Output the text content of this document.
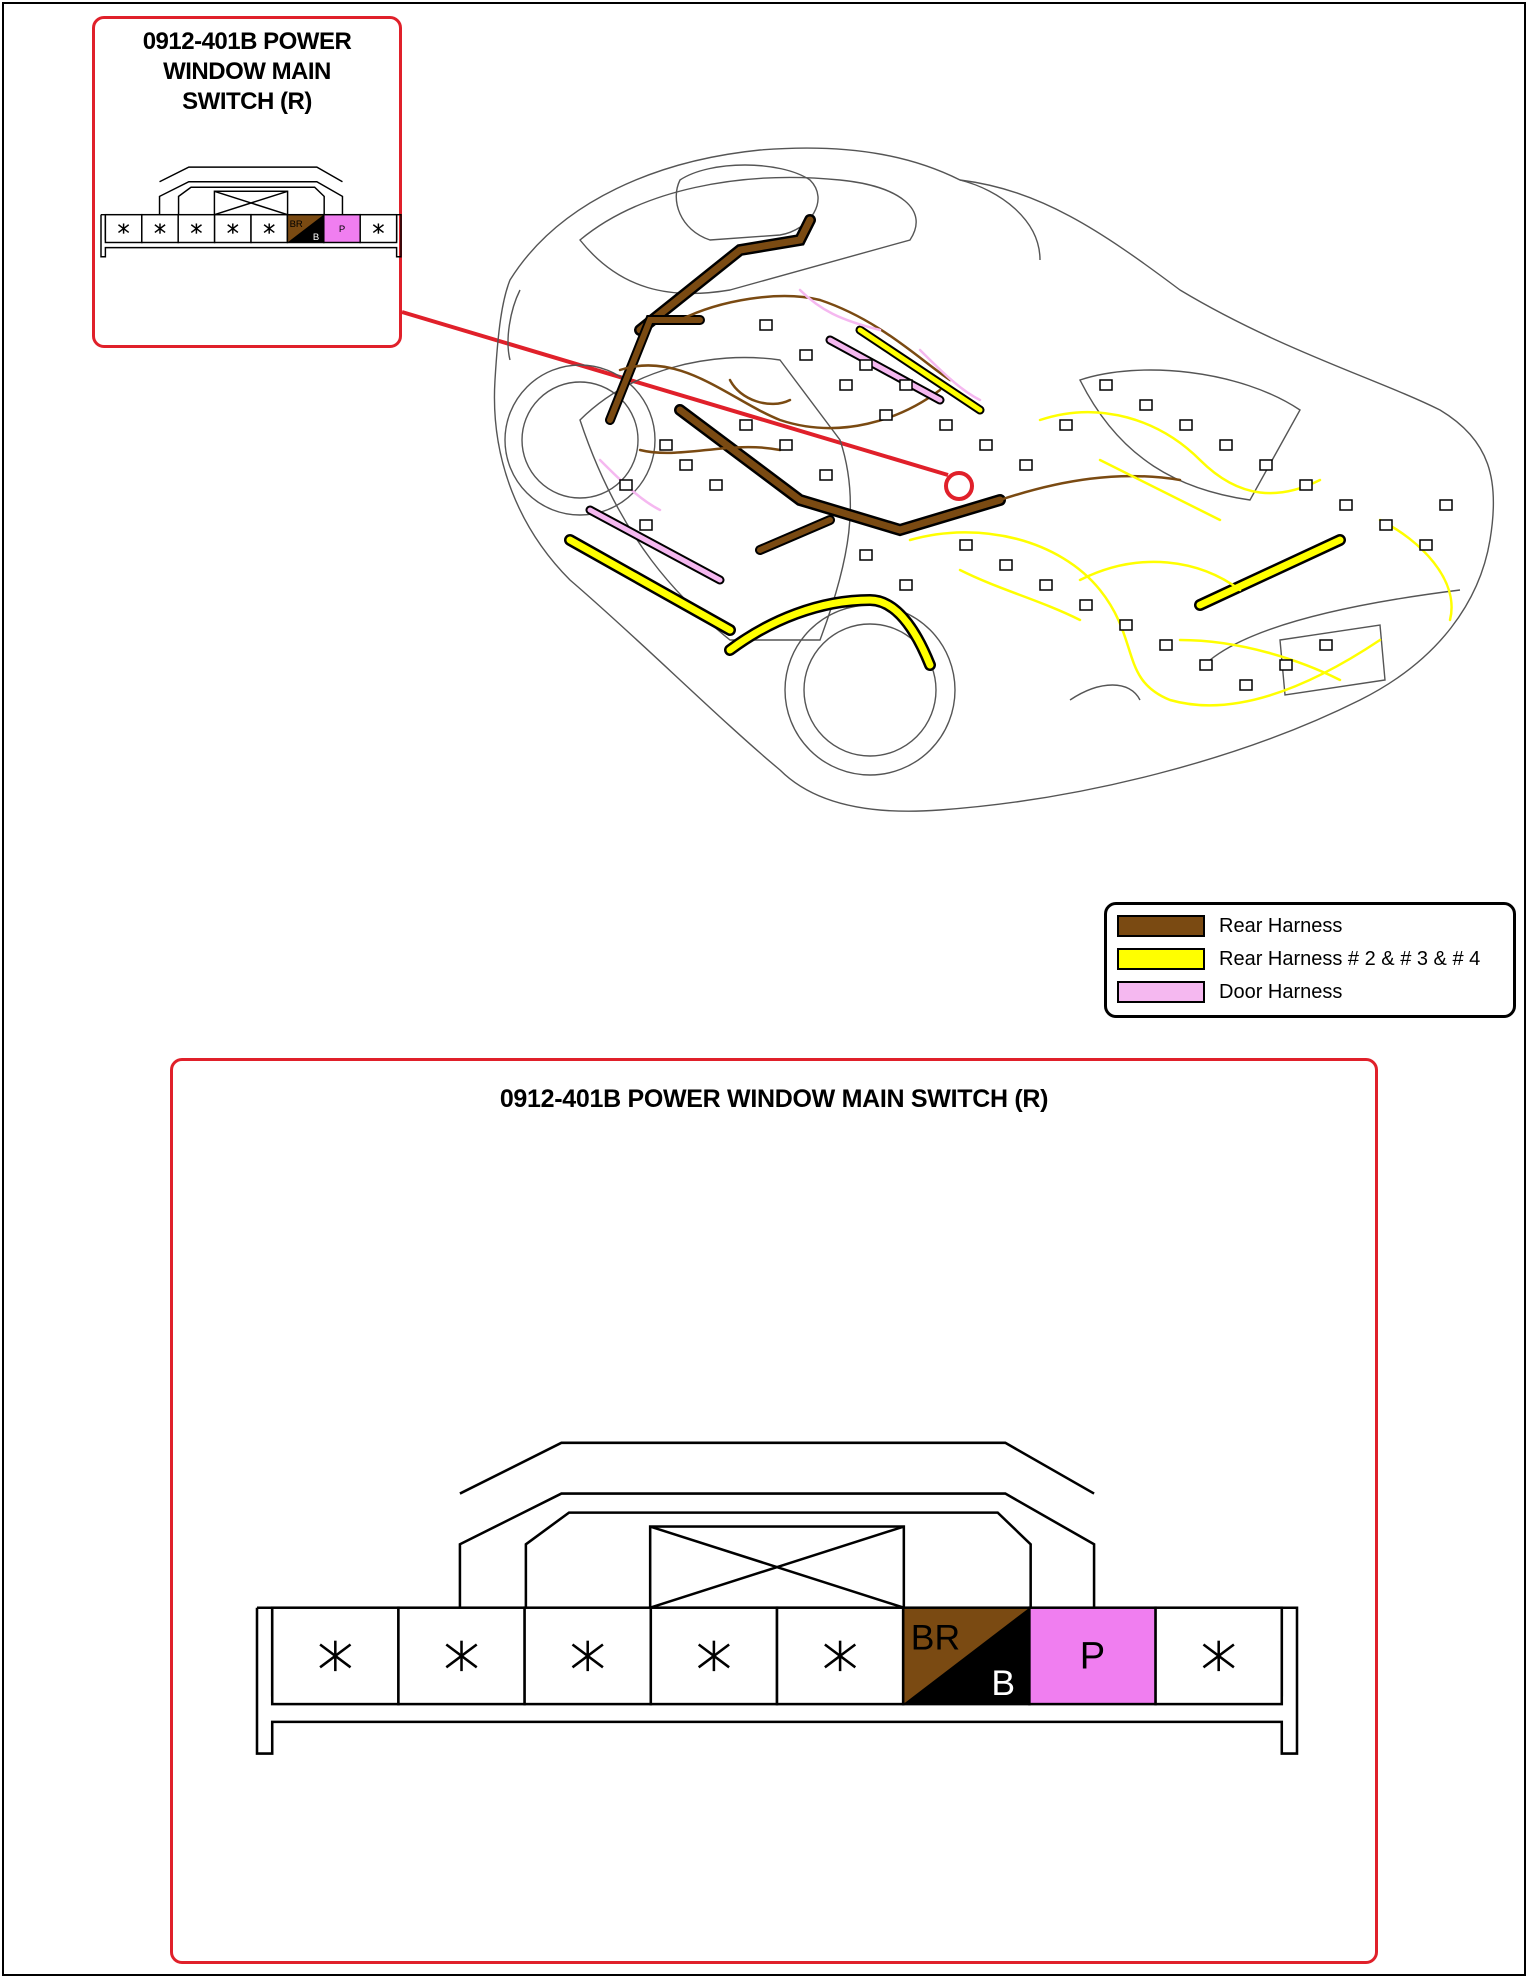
0912-401B POWER
WINDOW MAIN
SWITCH (R)
BR
B
P
Rear Harness
Rear Harness # 2 & # 3 & # 4
Door Harness
0912-401B POWER WINDOW MAIN SWITCH (R)
BR
B
P
